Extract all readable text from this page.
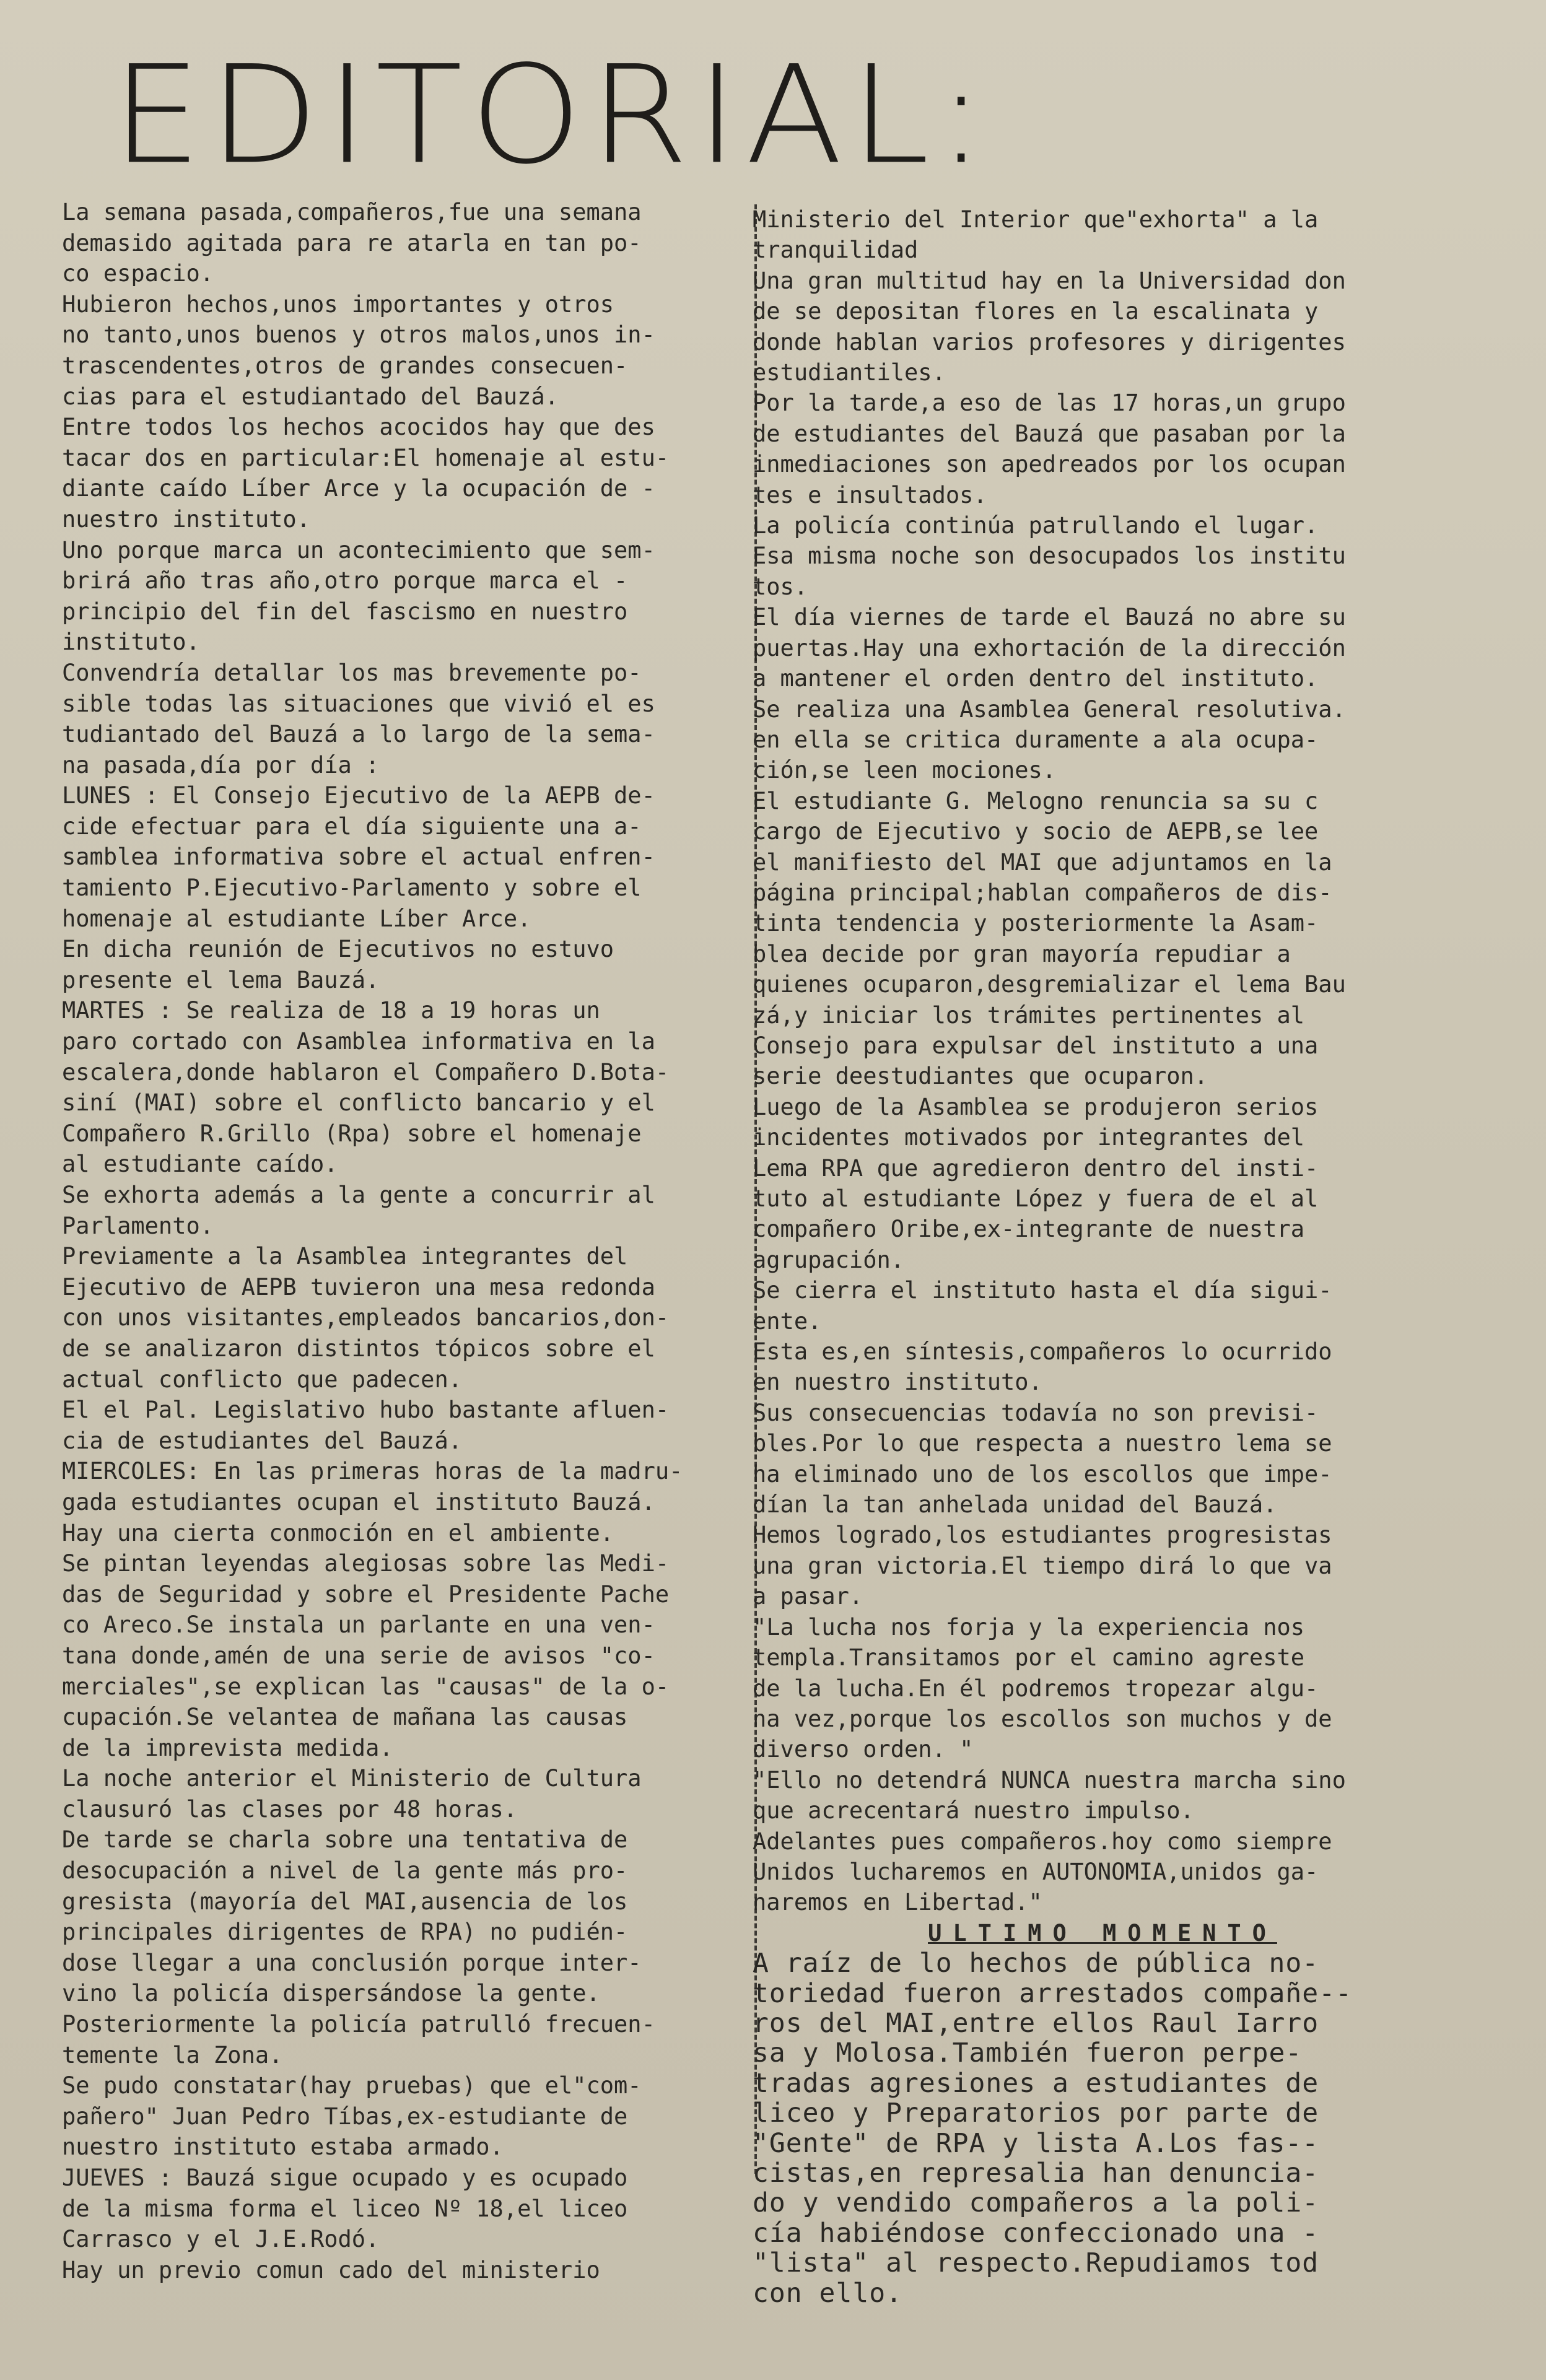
EDITORIAL:
La semana pasada,compañeros,fue una semana
demasido agitada para re atarla en tan po-
co espacio.
Hubieron hechos,unos importantes y otros
no tanto,unos buenos y otros malos,unos in-
trascendentes,otros de grandes consecuen-
cias para el estudiantado del Bauzá.
Entre todos los hechos acocidos hay que des
tacar dos en particular:El homenaje al estu-
diante caído Líber Arce y la ocupación de -
nuestro instituto.
Uno porque marca un acontecimiento que sem-
brirá año tras año,otro porque marca el -
principio del fin del fascismo en nuestro
instituto.
Convendría detallar los mas brevemente po-
sible todas las situaciones que vivió el es
tudiantado del Bauzá a lo largo de la sema-
na pasada,día por día :
LUNES : El Consejo Ejecutivo de la AEPB de-
cide efectuar para el día siguiente una a-
samblea informativa sobre el actual enfren-
tamiento P.Ejecutivo-Parlamento y sobre el
homenaje al estudiante Líber Arce.
En dicha reunión de Ejecutivos no estuvo
presente el lema Bauzá.
MARTES : Se realiza de 18 a 19 horas un
paro cortado con Asamblea informativa en la
escalera,donde hablaron el Compañero D.Bota-
siní (MAI) sobre el conflicto bancario y el
Compañero R.Grillo (Rpa) sobre el homenaje
al estudiante caído.
Se exhorta además a la gente a concurrir al
Parlamento.
Previamente a la Asamblea integrantes del
Ejecutivo de AEPB tuvieron una mesa redonda
con unos visitantes,empleados bancarios,don-
de se analizaron distintos tópicos sobre el
actual conflicto que padecen.
El el Pal. Legislativo hubo bastante afluen-
cia de estudiantes del Bauzá.
MIERCOLES: En las primeras horas de la madru-
gada estudiantes ocupan el instituto Bauzá.
Hay una cierta conmoción en el ambiente.
Se pintan leyendas alegiosas sobre las Medi-
das de Seguridad y sobre el Presidente Pache
co Areco.Se instala un parlante en una ven-
tana donde,amén de una serie de avisos "co-
merciales",se explican las "causas" de la o-
cupación.Se velantea de mañana las causas
de la imprevista medida.
La noche anterior el Ministerio de Cultura
clausuró las clases por 48 horas.
De tarde se charla sobre una tentativa de
desocupación a nivel de la gente más pro-
gresista (mayoría del MAI,ausencia de los
principales dirigentes de RPA) no pudién-
dose llegar a una conclusión porque inter-
vino la policía dispersándose la gente.
Posteriormente la policía patrulló frecuen-
temente la Zona.
Se pudo constatar(hay pruebas) que el"com-
pañero" Juan Pedro Tíbas,ex-estudiante de
nuestro instituto estaba armado.
JUEVES : Bauzá sigue ocupado y es ocupado
de la misma forma el liceo Nº 18,el liceo
Carrasco y el J.E.Rodó.
Hay un previo comun cado del ministerio
Ministerio del Interior que"exhorta" a la
tranquilidad
Una gran multitud hay en la Universidad don
de se depositan flores en la escalinata y
donde hablan varios profesores y dirigentes
estudiantiles.
Por la tarde,a eso de las 17 horas,un grupo
de estudiantes del Bauzá que pasaban por la
inmediaciones son apedreados por los ocupan
tes e insultados.
La policía continúa patrullando el lugar.
Esa misma noche son desocupados los institu
tos.
El día viernes de tarde el Bauzá no abre su
puertas.Hay una exhortación de la dirección
a mantener el orden dentro del instituto.
Se realiza una Asamblea General resolutiva.
en ella se critica duramente a ala ocupa-
ción,se leen mociones.
El estudiante G. Melogno renuncia sa su c
cargo de Ejecutivo y socio de AEPB,se lee
el manifiesto del MAI que adjuntamos en la
página principal;hablan compañeros de dis-
tinta tendencia y posteriormente la Asam-
blea decide por gran mayoría repudiar a
quienes ocuparon,desgremializar el lema Bau
zá,y iniciar los trámites pertinentes al
Consejo para expulsar del instituto a una
serie deestudiantes que ocuparon.
Luego de la Asamblea se produjeron serios
incidentes motivados por integrantes del
Lema RPA que agredieron dentro del insti-
tuto al estudiante López y fuera de el al
compañero Oribe,ex-integrante de nuestra
agrupación.
Se cierra el instituto hasta el día sigui-
ente.
Esta es,en síntesis,compañeros lo ocurrido
en nuestro instituto.
Sus consecuencias todavía no son previsi-
bles.Por lo que respecta a nuestro lema se
ha eliminado uno de los escollos que impe-
dían la tan anhelada unidad del Bauzá.
Hemos logrado,los estudiantes progresistas
una gran victoria.El tiempo dirá lo que va
a pasar.
"La lucha nos forja y la experiencia nos
templa.Transitamos por el camino agreste
de la lucha.En él podremos tropezar algu-
na vez,porque los escollos son muchos y de
diverso orden. "
"Ello no detendrá NUNCA nuestra marcha sino
que acrecentará nuestro impulso.
Adelantes pues compañeros.hoy como siempre
Unidos lucharemos en AUTONOMIA,unidos ga-
naremos en Libertad."
ULTIMO MOMENTO
A raíz de lo hechos de pública no-
toriedad fueron arrestados compañe--
ros del MAI,entre ellos Raul Iarro
sa y Molosa.También fueron perpe-
tradas agresiones a estudiantes de
liceo y Preparatorios por parte de
"Gente" de RPA y lista A.Los fas--
cistas,en represalia han denuncia-
do y vendido compañeros a la poli-
cía habiéndose confeccionado una -
"lista" al respecto.Repudiamos tod
con ello.
